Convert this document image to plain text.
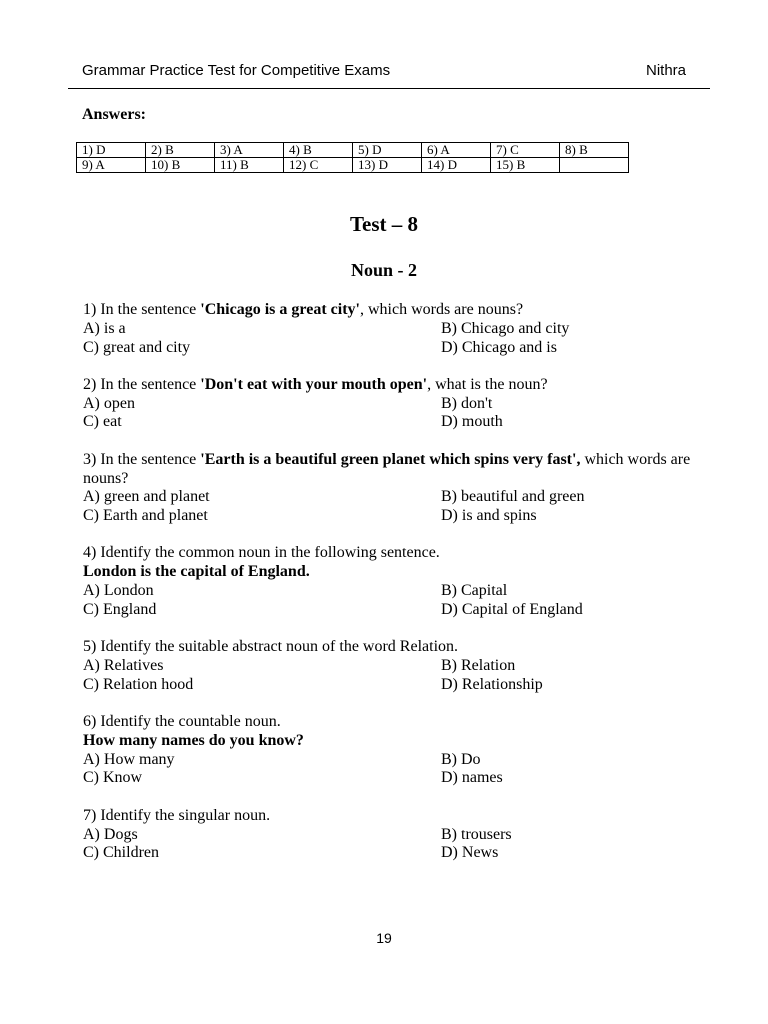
Grammar Practice Test for Competitive Exams	Nithra
Answers:
1) D	2) B	3) A	4) B	5) D	6) A	7) C	8) B
9) A	10) B	11) B	12) C	13) D	14) D	15) B	
Test – 8
Noun - 2
1) In the sentence 'Chicago is a great city', which words are nouns?
A) is a	B) Chicago and city
C) great and city	D) Chicago and is
2) In the sentence 'Don't eat with your mouth open', what is the noun?
A) open	B) don't
C) eat	D) mouth
3) In the sentence 'Earth is a beautiful green planet which spins very fast', which words are nouns?
A) green and planet	B) beautiful and green
C) Earth and planet	D) is and spins
4) Identify the common noun in the following sentence.
London is the capital of England.
A) London	B) Capital
C) England	D) Capital of England
5) Identify the suitable abstract noun of the word Relation.
A) Relatives	B) Relation
C) Relation hood	D) Relationship
6) Identify the countable noun.
How many names do you know?
A) How many	B) Do
C) Know	D) names
7) Identify the singular noun.
A) Dogs	B) trousers
C) Children	D) News
19
